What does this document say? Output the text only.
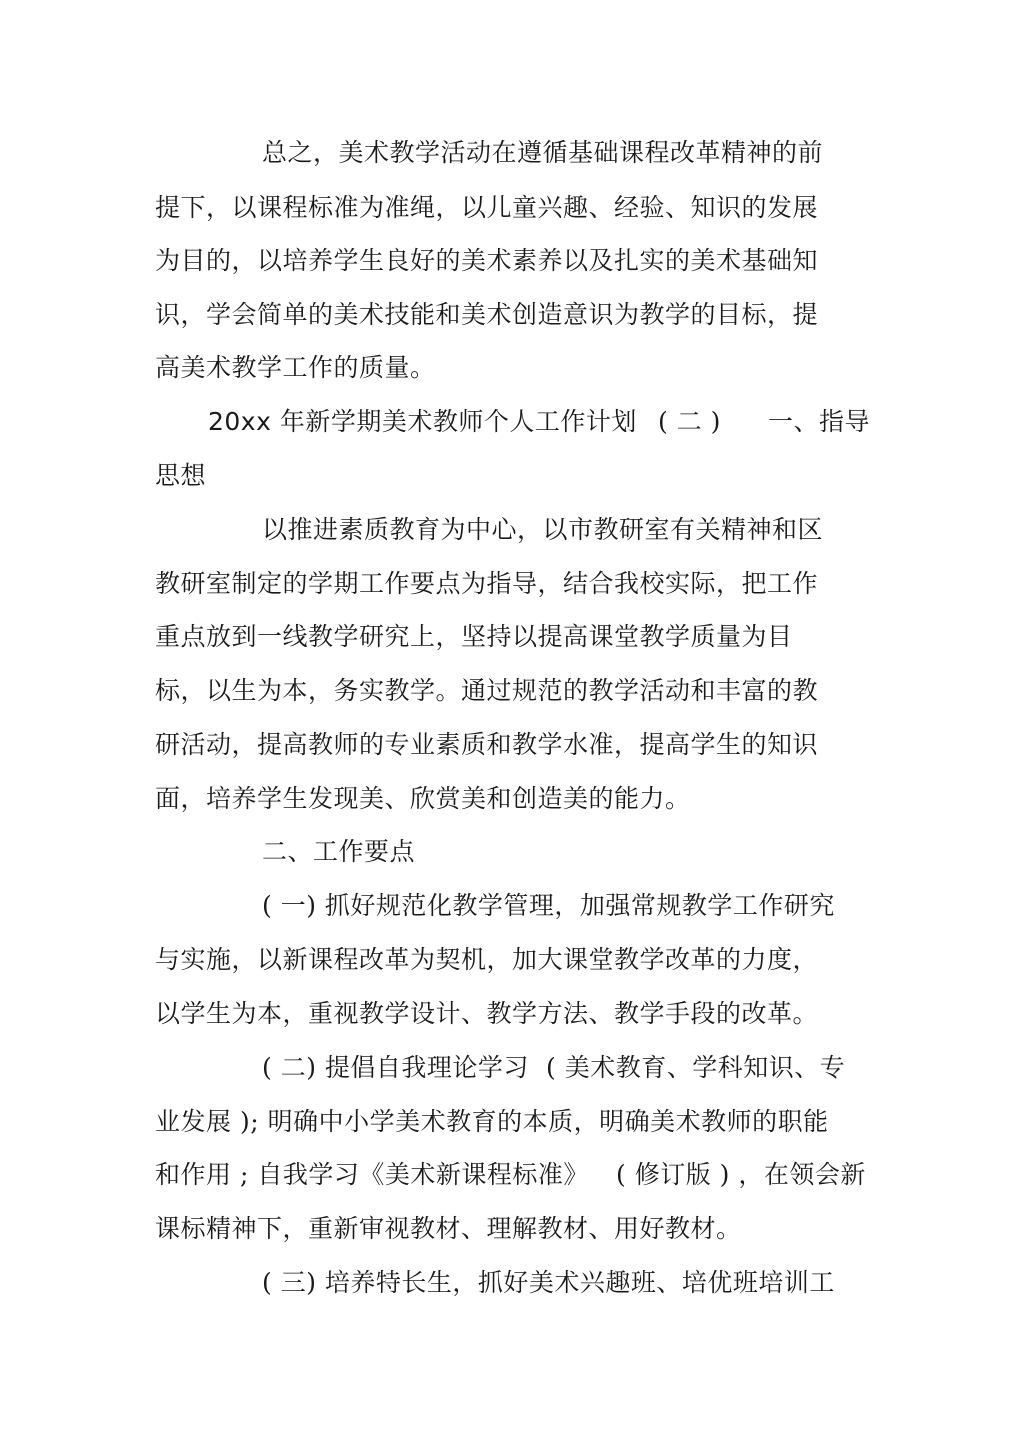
总之，美术教学活动在遵循基础课程改革精神的前
提下，以课程标准为准绳，以儿童兴趣、经验、知识的发展
为目的，以培养学生良好的美术素养以及扎实的美术基础知
识，学会简单的美术技能和美术创造意识为教学的目标，提
高美术教学工作的质量。
20xx 年新学期美术教师个人工作计划 ( 二 ) 一、指导
思想
以推进素质教育为中心，以市教研室有关精神和区
教研室制定的学期工作要点为指导，结合我校实际，把工作
重点放到一线教学研究上，坚持以提高课堂教学质量为目
标，以生为本，务实教学。通过规范的教学活动和丰富的教
研活动，提高教师的专业素质和教学水准，提高学生的知识
面，培养学生发现美、欣赏美和创造美的能力。
二、工作要点
( 一) 抓好规范化教学管理，加强常规教学工作研究
与实施，以新课程改革为契机，加大课堂教学改革的力度，
以学生为本，重视教学设计、教学方法、教学手段的改革。
( 二) 提倡自我理论学习 ( 美术教育、学科知识、专
业发展 ); 明确中小学美术教育的本质，明确美术教师的职能
和作用 ; 自我学习《美术新课程标准》 ( 修订版 ) ，在领会新
课标精神下，重新审视教材、理解教材、用好教材。
( 三) 培养特长生，抓好美术兴趣班、培优班培训工
